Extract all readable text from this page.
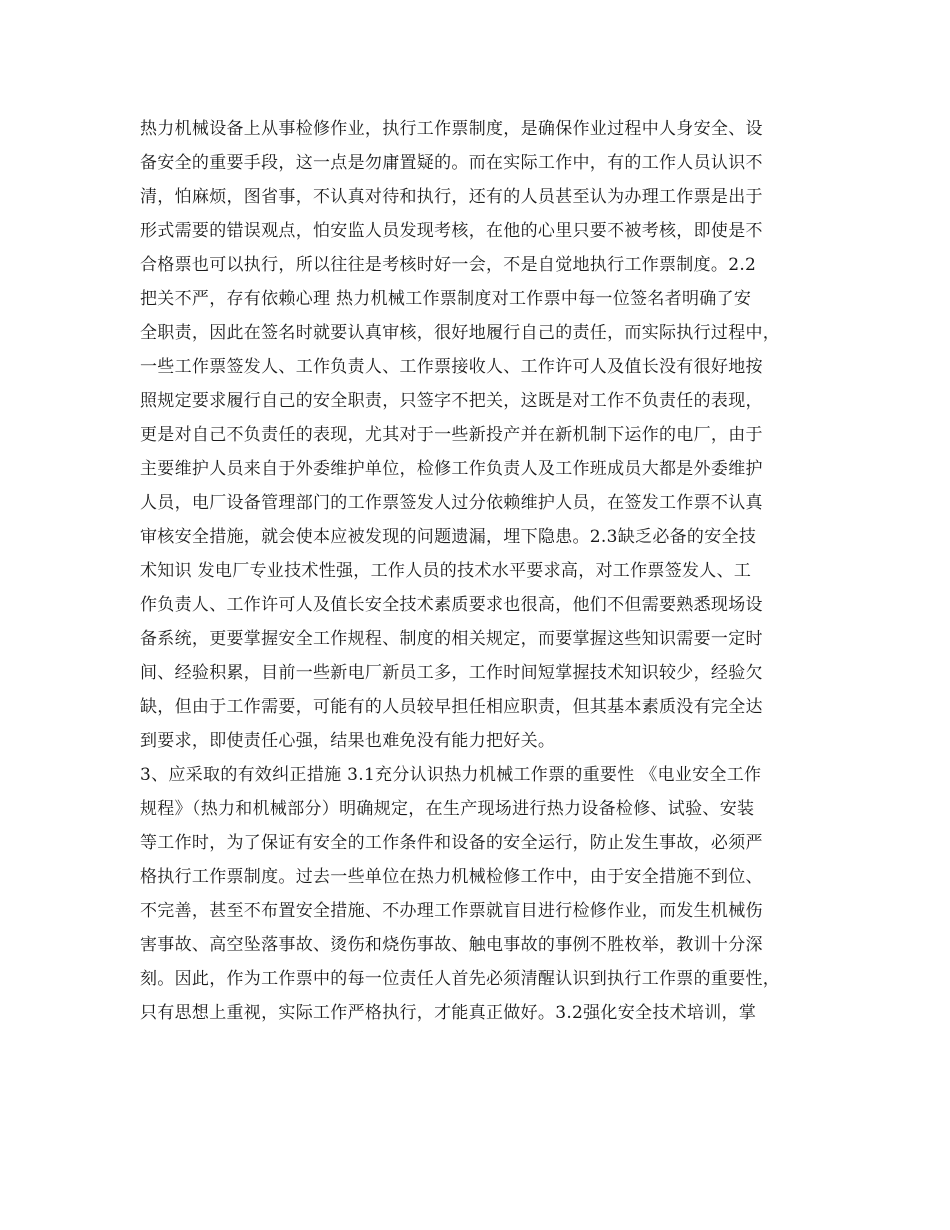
热力机械设备上从事检修作业，执行工作票制度，是确保作业过程中人身安全、设
备安全的重要手段，这一点是勿庸置疑的。而在实际工作中，有的工作人员认识不
清，怕麻烦，图省事，不认真对待和执行，还有的人员甚至认为办理工作票是出于
形式需要的错误观点，怕安监人员发现考核，在他的心里只要不被考核，即使是不
合格票也可以执行，所以往往是考核时好一会，不是自觉地执行工作票制度。2.2
把关不严，存有依赖心理 热力机械工作票制度对工作票中每一位签名者明确了安
全职责，因此在签名时就要认真审核，很好地履行自己的责任，而实际执行过程中，
一些工作票签发人、工作负责人、工作票接收人、工作许可人及值长没有很好地按
照规定要求履行自己的安全职责，只签字不把关，这既是对工作不负责任的表现，
更是对自己不负责任的表现，尤其对于一些新投产并在新机制下运作的电厂，由于
主要维护人员来自于外委维护单位，检修工作负责人及工作班成员大都是外委维护
人员，电厂设备管理部门的工作票签发人过分依赖维护人员，在签发工作票不认真
审核安全措施，就会使本应被发现的问题遗漏，埋下隐患。2.3缺乏必备的安全技
术知识 发电厂专业技术性强，工作人员的技术水平要求高，对工作票签发人、工
作负责人、工作许可人及值长安全技术素质要求也很高，他们不但需要熟悉现场设
备系统，更要掌握安全工作规程、制度的相关规定，而要掌握这些知识需要一定时
间、经验积累，目前一些新电厂新员工多，工作时间短掌握技术知识较少，经验欠
缺，但由于工作需要，可能有的人员较早担任相应职责，但其基本素质没有完全达
到要求，即使责任心强，结果也难免没有能力把好关。
3、应采取的有效纠正措施 3.1充分认识热力机械工作票的重要性 《电业安全工作
规程》（热力和机械部分）明确规定，在生产现场进行热力设备检修、试验、安装
等工作时，为了保证有安全的工作条件和设备的安全运行，防止发生事故，必须严
格执行工作票制度。过去一些单位在热力机械检修工作中，由于安全措施不到位、
不完善，甚至不布置安全措施、不办理工作票就盲目进行检修作业，而发生机械伤
害事故、高空坠落事故、烫伤和烧伤事故、触电事故的事例不胜枚举，教训十分深
刻。因此，作为工作票中的每一位责任人首先必须清醒认识到执行工作票的重要性，
只有思想上重视，实际工作严格执行，才能真正做好。3.2强化安全技术培训，掌
